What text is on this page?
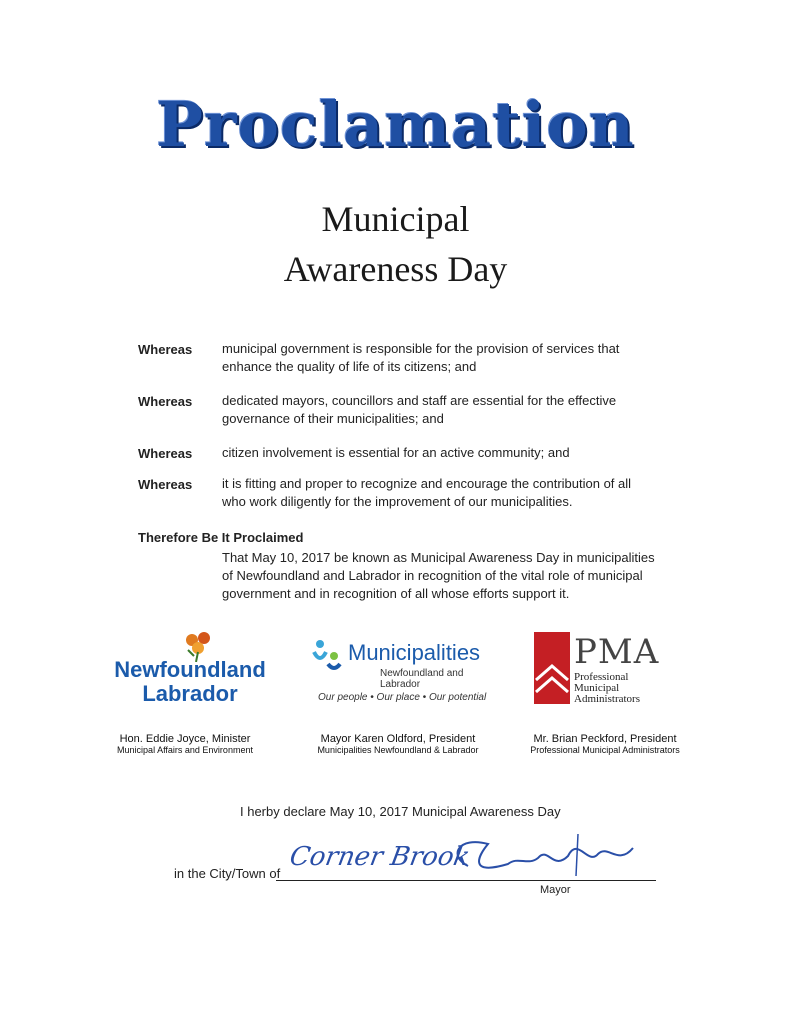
Proclamation
Municipal
Awareness Day
Whereas municipal government is responsible for the provision of services that
enhance the quality of life of its citizens; and
Whereas dedicated mayors, councillors and staff are essential for the effective
governance of their municipalities; and
Whereas citizen involvement is essential for an active community; and
Whereas it is fitting and proper to recognize and encourage the contribution of all
who work diligently for the improvement of our municipalities.
Therefore Be It Proclaimed
That May 10, 2017 be known as Municipal Awareness Day in municipalities
of Newfoundland and Labrador in recognition of the vital role of municipal
government and in recognition of all whose efforts support it.
Newfoundland
Labrador
Municipalities
Newfoundland and Labrador
Our people • Our place • Our potential
PMA
Professional
Municipal
Administrators
Hon. Eddie Joyce, Minister
Municipal Affairs and Environment
Mayor Karen Oldford, President
Municipalities Newfoundland & Labrador
Mr. Brian Peckford, President
Professional Municipal Administrators
I herby declare May 10, 2017 Municipal Awareness Day
in the City/Town of
Corner Brook
Mayor
